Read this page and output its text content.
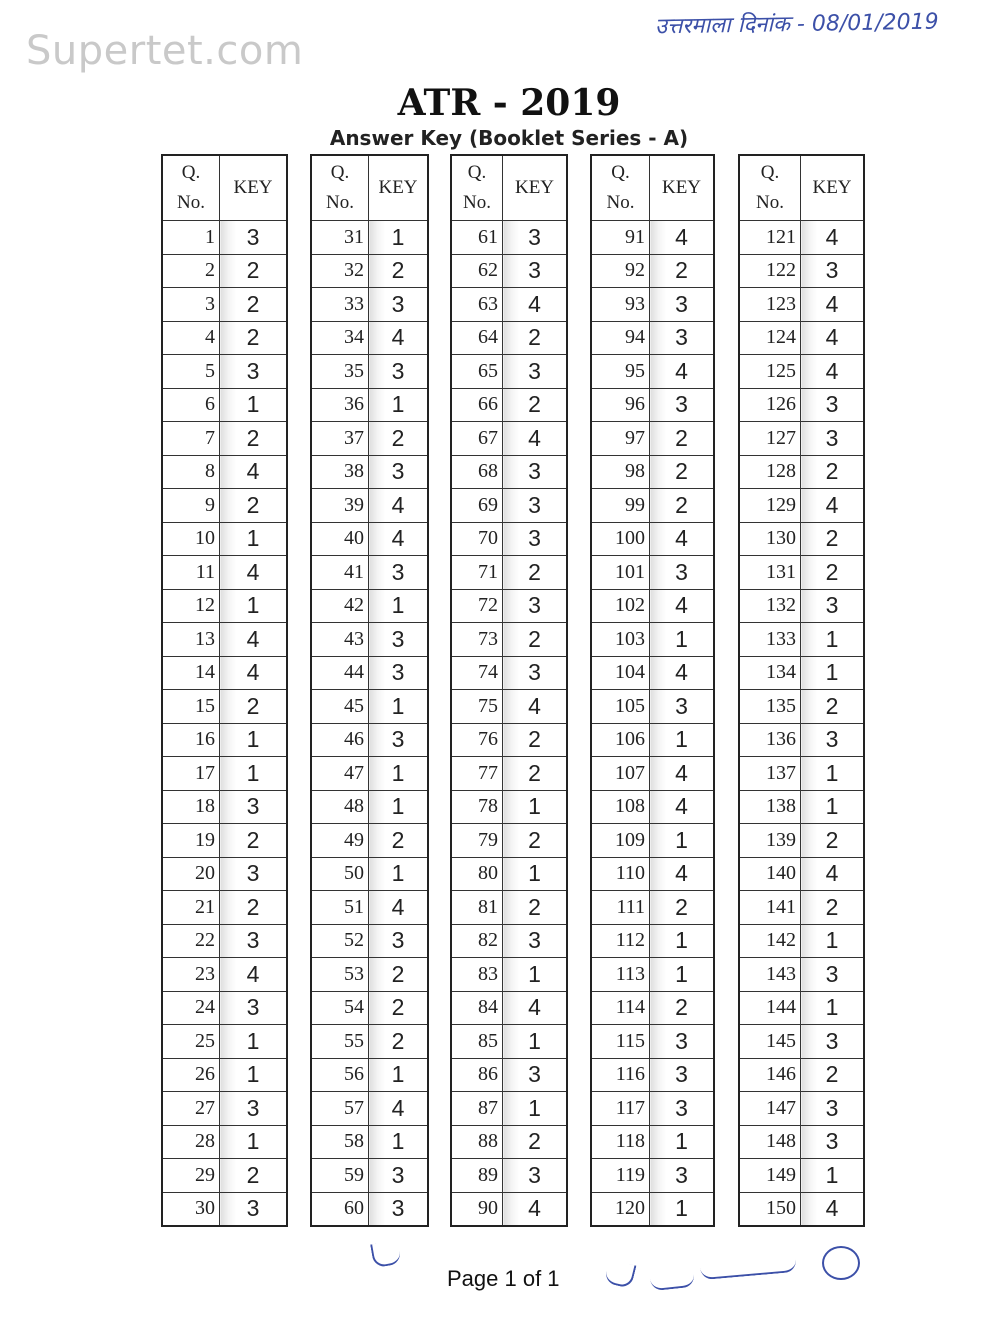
Supertet.com
उत्तरमाला दिनांक - 08/01/2019
ATR - 2019
Answer Key (Booklet Series - A)
Q.
No.	KEY
1	3
2	2
3	2
4	2
5	3
6	1
7	2
8	4
9	2
10	1
11	4
12	1
13	4
14	4
15	2
16	1
17	1
18	3
19	2
20	3
21	2
22	3
23	4
24	3
25	1
26	1
27	3
28	1
29	2
30	3
Q.
No.	KEY
31	1
32	2
33	3
34	4
35	3
36	1
37	2
38	3
39	4
40	4
41	3
42	1
43	3
44	3
45	1
46	3
47	1
48	1
49	2
50	1
51	4
52	3
53	2
54	2
55	2
56	1
57	4
58	1
59	3
60	3
Q.
No.	KEY
61	3
62	3
63	4
64	2
65	3
66	2
67	4
68	3
69	3
70	3
71	2
72	3
73	2
74	3
75	4
76	2
77	2
78	1
79	2
80	1
81	2
82	3
83	1
84	4
85	1
86	3
87	1
88	2
89	3
90	4
Q.
No.	KEY
91	4
92	2
93	3
94	3
95	4
96	3
97	2
98	2
99	2
100	4
101	3
102	4
103	1
104	4
105	3
106	1
107	4
108	4
109	1
110	4
111	2
112	1
113	1
114	2
115	3
116	3
117	3
118	1
119	3
120	1
Q.
No.	KEY
121	4
122	3
123	4
124	4
125	4
126	3
127	3
128	2
129	4
130	2
131	2
132	3
133	1
134	1
135	2
136	3
137	1
138	1
139	2
140	4
141	2
142	1
143	3
144	1
145	3
146	2
147	3
148	3
149	1
150	4
Page 1 of 1
